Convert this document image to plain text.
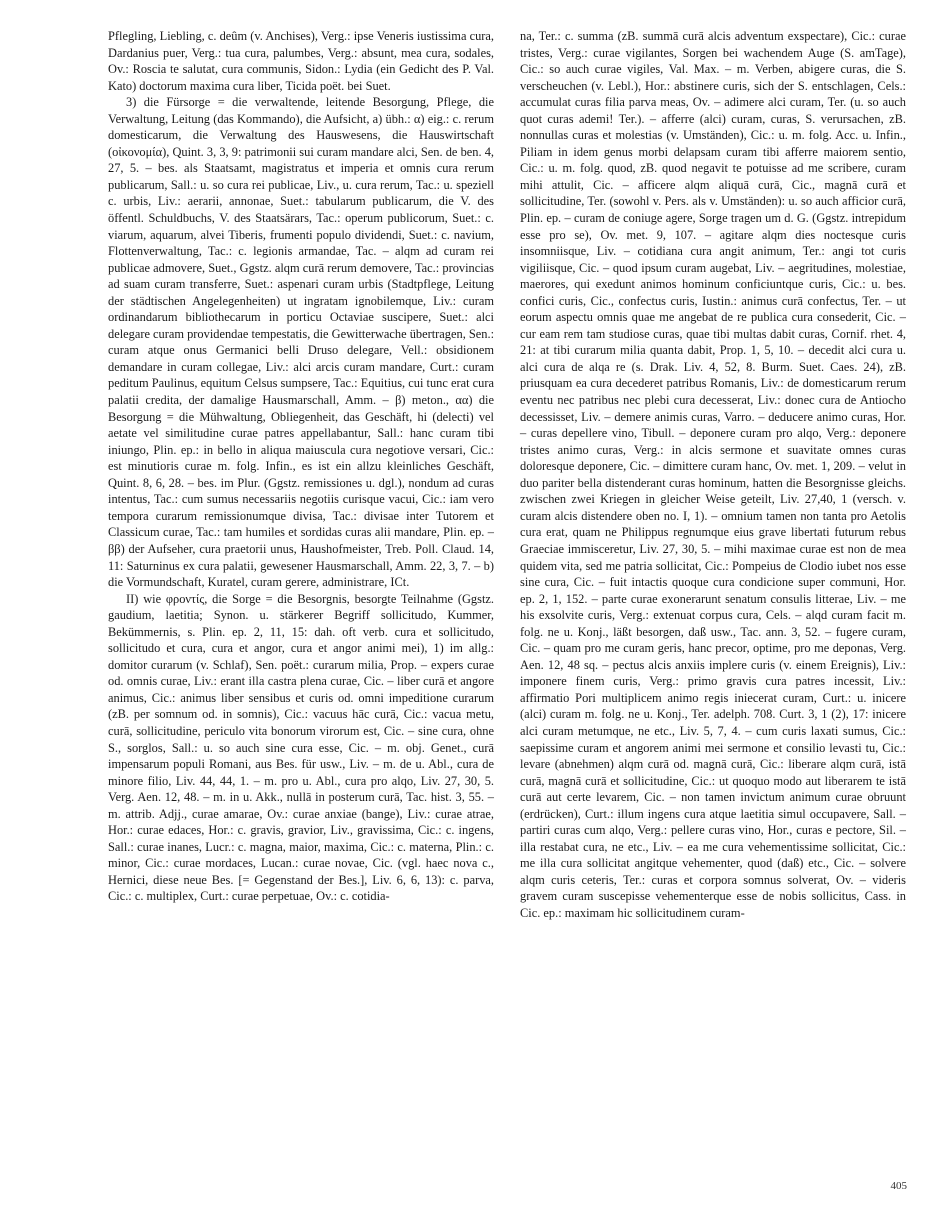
Pflegling, Liebling, c. deûm (v. Anchises), Verg.: ipse Veneris iustissima cura, Dardanius puer, Verg.: tua cura, palumbes, Verg.: absunt, mea cura, sodales, Ov.: Roscia te salutat, cura communis, Sidon.: Lydia (ein Gedicht des P. Val. Kato) doctorum maxima cura liber, Ticida poët. bei Suet.

3) die Fürsorge = die verwaltende, leitende Besorgung, Pflege, die Verwaltung, Leitung (das Kommando), die Aufsicht, a) übh.: α) eig.: c. rerum domesticarum, die Verwaltung des Hauswesens, die Hauswirtschaft (οἰκονομία), Quint. 3, 3, 9: patrimonii sui curam mandare alci, Sen. de ben. 4, 27, 5. – bes. als Staatsamt, magistratus et imperia et omnis cura rerum publicarum, Sall.: u. so cura rei publicae, Liv., u. cura rerum, Tac.: u. speziell c. urbis, Liv.: aerarii, annonae, Suet.: tabularum publicarum, die V. des öffentl. Schuldbuchs, V. des Staatsärars, Tac.: operum publicorum, Suet.: c. viarum, aquarum, alvei Tiberis, frumenti populo dividendi, Suet.: c. navium, Flottenverwaltung, Tac.: c. legionis armandae, Tac. – alqm ad curam rei publicae admovere, Suet., Ggstz. alqm curā rerum demovere, Tac.: provincias ad suam curam transferre, Suet.: aspenari curam urbis (Stadtpflege, Leitung der städtischen Angelegenheiten) ut ingratam ignobilemque, Liv.: curam ordinandarum bibliothecarum in porticu Octaviae suscipere, Suet.: alci delegare curam providendae tempestatis, die Gewitterwache übertragen, Sen.: curam atque onus Germanici belli Druso delegare, Vell.: obsidionem demandare in curam collegae, Liv.: alci arcis curam mandare, Curt.: curam peditum Paulinus, equitum Celsus sumpsere, Tac.: Equitius, cui tunc erat cura palatii credita, der damalige Hausmarschall, Amm. – β) meton., αα) die Besorgung = die Mühwaltung, Obliegenheit, das Geschäft, hi (delecti) vel aetate vel similitudine curae patres appellabantur, Sall.: hanc curam tibi iniungo, Plin. ep.: in bello in aliqua maiuscula cura negotiove versari, Cic.: est minutioris curae m. folg. Infin., es ist ein allzu kleinliches Geschäft, Quint. 8, 6, 28. – bes. im Plur. (Ggstz. remissiones u. dgl.), nondum ad curas intentus, Tac.: cum sumus necessariis negotiis curisque vacui, Cic.: iam vero tempora curarum remissionumque divisa, Tac.: divisae inter Tutorem et Classicum curae, Tac.: tam humiles et sordidas curas alii mandare, Plin. ep. – ββ) der Aufseher, cura praetorii unus, Haushofmeister, Treb. Poll. Claud. 14, 11: Saturninus ex cura palatii, gewesener Hausmarschall, Amm. 22, 3, 7. – b) die Vormundschaft, Kuratel, curam gerere, administrare, ICt.

II) wie φροντίς, die Sorge = die Besorgnis, besorgte Teilnahme (Ggstz. gaudium, laetitia; Synon. u. stärkerer Begriff sollicitudo, Kummer, Bekümmernis, s. Plin. ep. 2, 11, 15: dah. oft verb. cura et sollicitudo, sollicitudo et cura, cura et angor, cura et angor animi mei), 1) im allg.: domitor curarum (v. Schlaf), Sen. poët.: curarum milia, Prop. – expers curae od. omnis curae, Liv.: erant illa castra plena curae, Cic. – liber curā et angore animus, Cic.: animus liber sensibus et curis od. omni impeditione curarum (zB. per somnum od. in somnis), Cic.: vacuus hāc curā, Cic.: vacua metu, curā, sollicitudine, periculo vita bonorum virorum est, Cic. – sine cura, ohne S., sorglos, Sall.: u. so auch sine cura esse, Cic. – m. obj. Genet., curā impensarum populi Romani, aus Bes. für usw., Liv. – m. de u. Abl., cura de minore filio, Liv. 44, 44, 1. – m. pro u. Abl., cura pro alqo, Liv. 27, 30, 5. Verg. Aen. 12, 48. – m. in u. Akk., nullā in posterum curā, Tac. hist. 3, 55. – m. attrib. Adjj., curae amarae, Ov.: curae anxiae (bange), Liv.: curae atrae, Hor.: curae edaces, Hor.: c. gravis, gravior, Liv., gravissima, Cic.: c. ingens, Sall.: curae inanes, Lucr.: c. magna, maior, maxima, Cic.: c. materna, Plin.: c. minor, Cic.: curae mordaces, Lucan.: curae novae, Cic. (vgl. haec nova c., Hernici, diese neue Bes. [= Gegenstand der Bes.], Liv. 6, 6, 13): c. parva, Cic.: c. multiplex, Curt.: curae perpetuae, Ov.: c. cotidia-

na, Ter.: c. summa (zB. summā curā alcis adventum exspectare), Cic.: curae tristes, Verg.: curae vigilantes, Sorgen bei wachendem Auge (S. amTage), Cic.: so auch curae vigiles, Val. Max. – m. Verben, abigere curas, die S. verscheuchen (v. Lebl.), Hor.: abstinere curis, sich der S. entschlagen, Cels.: accumulat curas filia parva meas, Ov. – adimere alci curam, Ter. (u. so auch quot curas ademi! Ter.). – afferre (alci) curam, curas, S. verursachen, zB. nonnullas curas et molestias (v. Umständen), Cic.: u. m. folg. Acc. u. Infin., Piliam in idem genus morbi delapsam curam tibi afferre maiorem sentio, Cic.: u. m. folg. quod, zB. quod negavit te potuisse ad me scribere, curam mihi attulit, Cic. – afficere alqm aliquā curā, Cic., magnā curā et sollicitudine, Ter. (sowohl v. Pers. als v. Umständen): u. so auch afficior curā, Plin. ep. – curam de coniuge agere, Sorge tragen um d. G. (Ggstz. intrepidum esse pro se), Ov. met. 9, 107. – agitare alqm dies noctesque curis insomniisque, Liv. – cotidiana cura angit animum, Ter.: angi tot curis vigiliisque, Cic. – quod ipsum curam augebat, Liv. – aegritudines, molestiae, maerores, qui exedunt animos hominum conficiuntque curis, Cic.: u. bes. confici curis, Cic., confectus curis, Iustin.: animus curā confectus, Ter. – ut eorum aspectu omnis quae me angebat de re publica cura consederit, Cic. – cur eam rem tam studiose curas, quae tibi multas dabit curas, Cornif. rhet. 4, 21: at tibi curarum milia quanta dabit, Prop. 1, 5, 10. – decedit alci cura u. alci cura de alqa re (s. Drak. Liv. 4, 52, 8. Burm. Suet. Caes. 24), zB. priusquam ea cura decederet patribus Romanis, Liv.: de domesticarum rerum eventu nec patribus nec plebi cura decesserat, Liv.: donec cura de Antiocho decessisset, Liv. – demere animis curas, Varro. – deducere animo curas, Hor. – curas depellere vino, Tibull. – deponere curam pro alqo, Verg.: deponere tristes animo curas, Verg.: in alcis sermone et suavitate omnes curas doloresque deponere, Cic. – dimittere curam hanc, Ov. met. 1, 209. – velut in duo pariter bella distenderant curas hominum, hatten die Besorgnisse gleichs. zwischen zwei Kriegen in gleicher Weise geteilt, Liv. 27,40, 1 (versch. v. curam alcis distendere oben no. I, 1). – omnium tamen non tanta pro Aetolis cura erat, quam ne Philippus regnumque eius grave libertati futurum rebus Graeciae immisceretur, Liv. 27, 30, 5. – mihi maximae curae est non de mea quidem vita, sed me patria sollicitat, Cic.: Pompeius de Clodio iubet nos esse sine cura, Cic. – fuit intactis quoque cura condicione super communi, Hor. ep. 2, 1, 152. – parte curae exonerarunt senatum consulis litterae, Liv. – me his exsolvite curis, Verg.: extenuat corpus cura, Cels. – alqd curam facit m. folg. ne u. Konj., läßt besorgen, daß usw., Tac. ann. 3, 52. – fugere curam, Cic. – quam pro me curam geris, hanc precor, optime, pro me deponas, Verg. Aen. 12, 48 sq. – pectus alcis anxiis implere curis (v. einem Ereignis), Liv.: imponere finem curis, Verg.: primo gravis cura patres incessit, Liv.: affirmatio Pori multiplicem animo regis iniecerat curam, Curt.: u. inicere (alci) curam m. folg. ne u. Konj., Ter. adelph. 708. Curt. 3, 1 (2), 17: inicere alci curam metumque, ne etc., Liv. 5, 7, 4. – cum curis laxati sumus, Cic.: saepissime curam et angorem animi mei sermone et consilio levasti tu, Cic.: levare (abnehmen) alqm curā od. magnā curā, Cic.: liberare alqm curā, istā curā, magnā curā et sollicitudine, Cic.: ut quoquo modo aut liberarem te istā curā aut certe levarem, Cic. – non tamen invictum animum curae obruunt (erdrücken), Curt.: illum ingens cura atque laetitia simul occupavere, Sall. – partiri curas cum alqo, Verg.: pellere curas vino, Hor., curas e pectore, Sil. – illa restabat cura, ne etc., Liv. – ea me cura vehementissime sollicitat, Cic.: me illa cura sollicitat angitque vehementer, quod (daß) etc., Cic. – solvere alqm curis ceteris, Ter.: curas et corpora somnus solverat, Ov. – videris gravem curam suscepisse vehementerque esse de nobis sollicitus, Cass. in Cic. ep.: maximam hic sollicitudinem curam-

405
